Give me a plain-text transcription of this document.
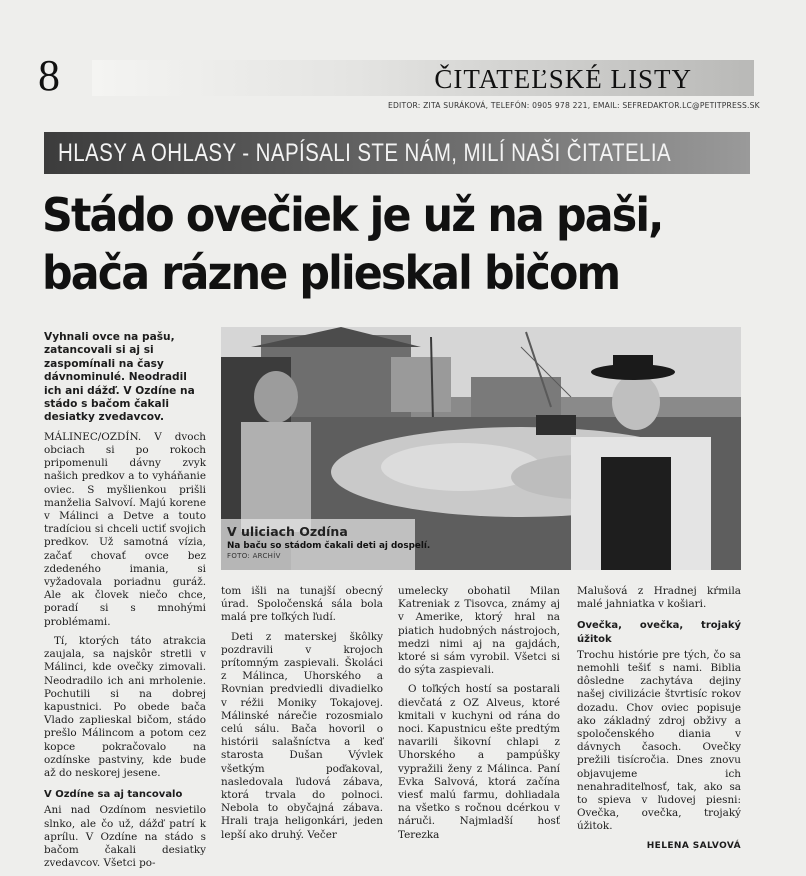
8	ČITATEĽSKÉ LISTY
EDITOR: ZITA SURÁKOVÁ, TELEFÓN: 0905 978 221, EMAIL: SEFREDAKTOR.LC@PETITPRESS.SK
HLASY A OHLASY - NAPÍSALI STE NÁM, MILÍ NAŠI ČITATELIA
Stádo ovečiek je už na paši,
bača rázne plieskal bičom

Vyhnali ovce na pašu, zatancovali si aj si zaspomínali na časy dávnominulé. Neodradil ich ani dážď. V Ozdíne na stádo s bačom čakali desiatky zvedavcov.

MÁLINEC/OZDÍN. V dvoch obciach si po rokoch pripomenuli dávny zvyk našich predkov a to vyháňanie oviec. S myšlienkou prišli manželia Salvoví. Majú korene v Málinci a Detve a touto tradíciou si chceli uctiť svojich predkov. Už samotná vízia, začať chovať ovce bez zdedeného imania, si vyžadovala poriadnu guráž. Ale ak človek niečo chce, poradí si s mnohými problémami.

Tí, ktorých táto atrakcia zaujala, sa najskôr stretli v Málinci, kde ovečky zimovali. Neodradilo ich ani mrholenie. Pochutili si na dobrej kapustnici. Po obede bača Vlado zaplieskal bičom, stádo prešlo Málincom a potom cez kopce pokračovalo na ozdínske pastviny, kde bude až do neskorej jesene.

V Ozdíne sa aj tancovalo

Ani nad Ozdínom nesvietilo slnko, ale čo už, dážď patrí k aprílu. V Ozdíne na stádo s bačom čakali desiatky zvedavcov. Všetci po-

V uliciach Ozdína
Na baču so stádom čakali deti aj dospelí.
FOTO: ARCHÍV

tom išli na tunajší obecný úrad. Spoločenská sála bola malá pre toľkých ľudí.

Deti z materskej škôlky pozdravili v krojoch prítomným zaspievali. Školáci z Málinca, Uhorského a Rovnian predviedli divadielko v réžii Moniky Tokajovej. Málinské nárečie rozosmialo celú sálu. Bača hovoril o histórii salašníctva a keď starosta Dušan Vývlek všetkým poďakoval, nasledovala ľudová zábava, ktorá trvala do polnoci. Nebola to obyčajná zábava. Hrali traja heligonkári, jeden lepší ako druhý. Večer

umelecky obohatil Milan Katreniak z Tisovca, známy aj v Amerike, ktorý hral na piatich hudobných nástrojoch, medzi nimi aj na gajdách, ktoré si sám vyrobil. Všetci si do sýta zaspievali.

O toľkých hostí sa postarali dievčatá z OZ Alveus, ktoré kmitali v kuchyni od rána do noci. Kapustnicu ešte predtým navarili šikovní chlapi z Uhorského a pampúšky vypražili ženy z Málinca. Paní Evka Salvová, ktorá začína viesť malú farmu, dohliadala na všetko s ročnou dcérkou v náruči. Najmladší hosť Terezka

Malušová z Hradnej kŕmila malé jahniatka v košiari.

Ovečka, ovečka, trojaký úžitok

Trochu histórie pre tých, čo sa nemohli tešiť s nami. Biblia dôsledne zachytáva dejiny našej civilizácie štvrtisíc rokov dozadu. Chov oviec popisuje ako základný zdroj obživy a spoločenského diania v dávnych časoch. Ovečky prežili tisícročia. Dnes znovu objavujeme ich nenahraditeľnosť, tak, ako sa to spieva v ľudovej piesni: Ovečka, ovečka, trojaký úžitok.

HELENA SALVOVÁ
